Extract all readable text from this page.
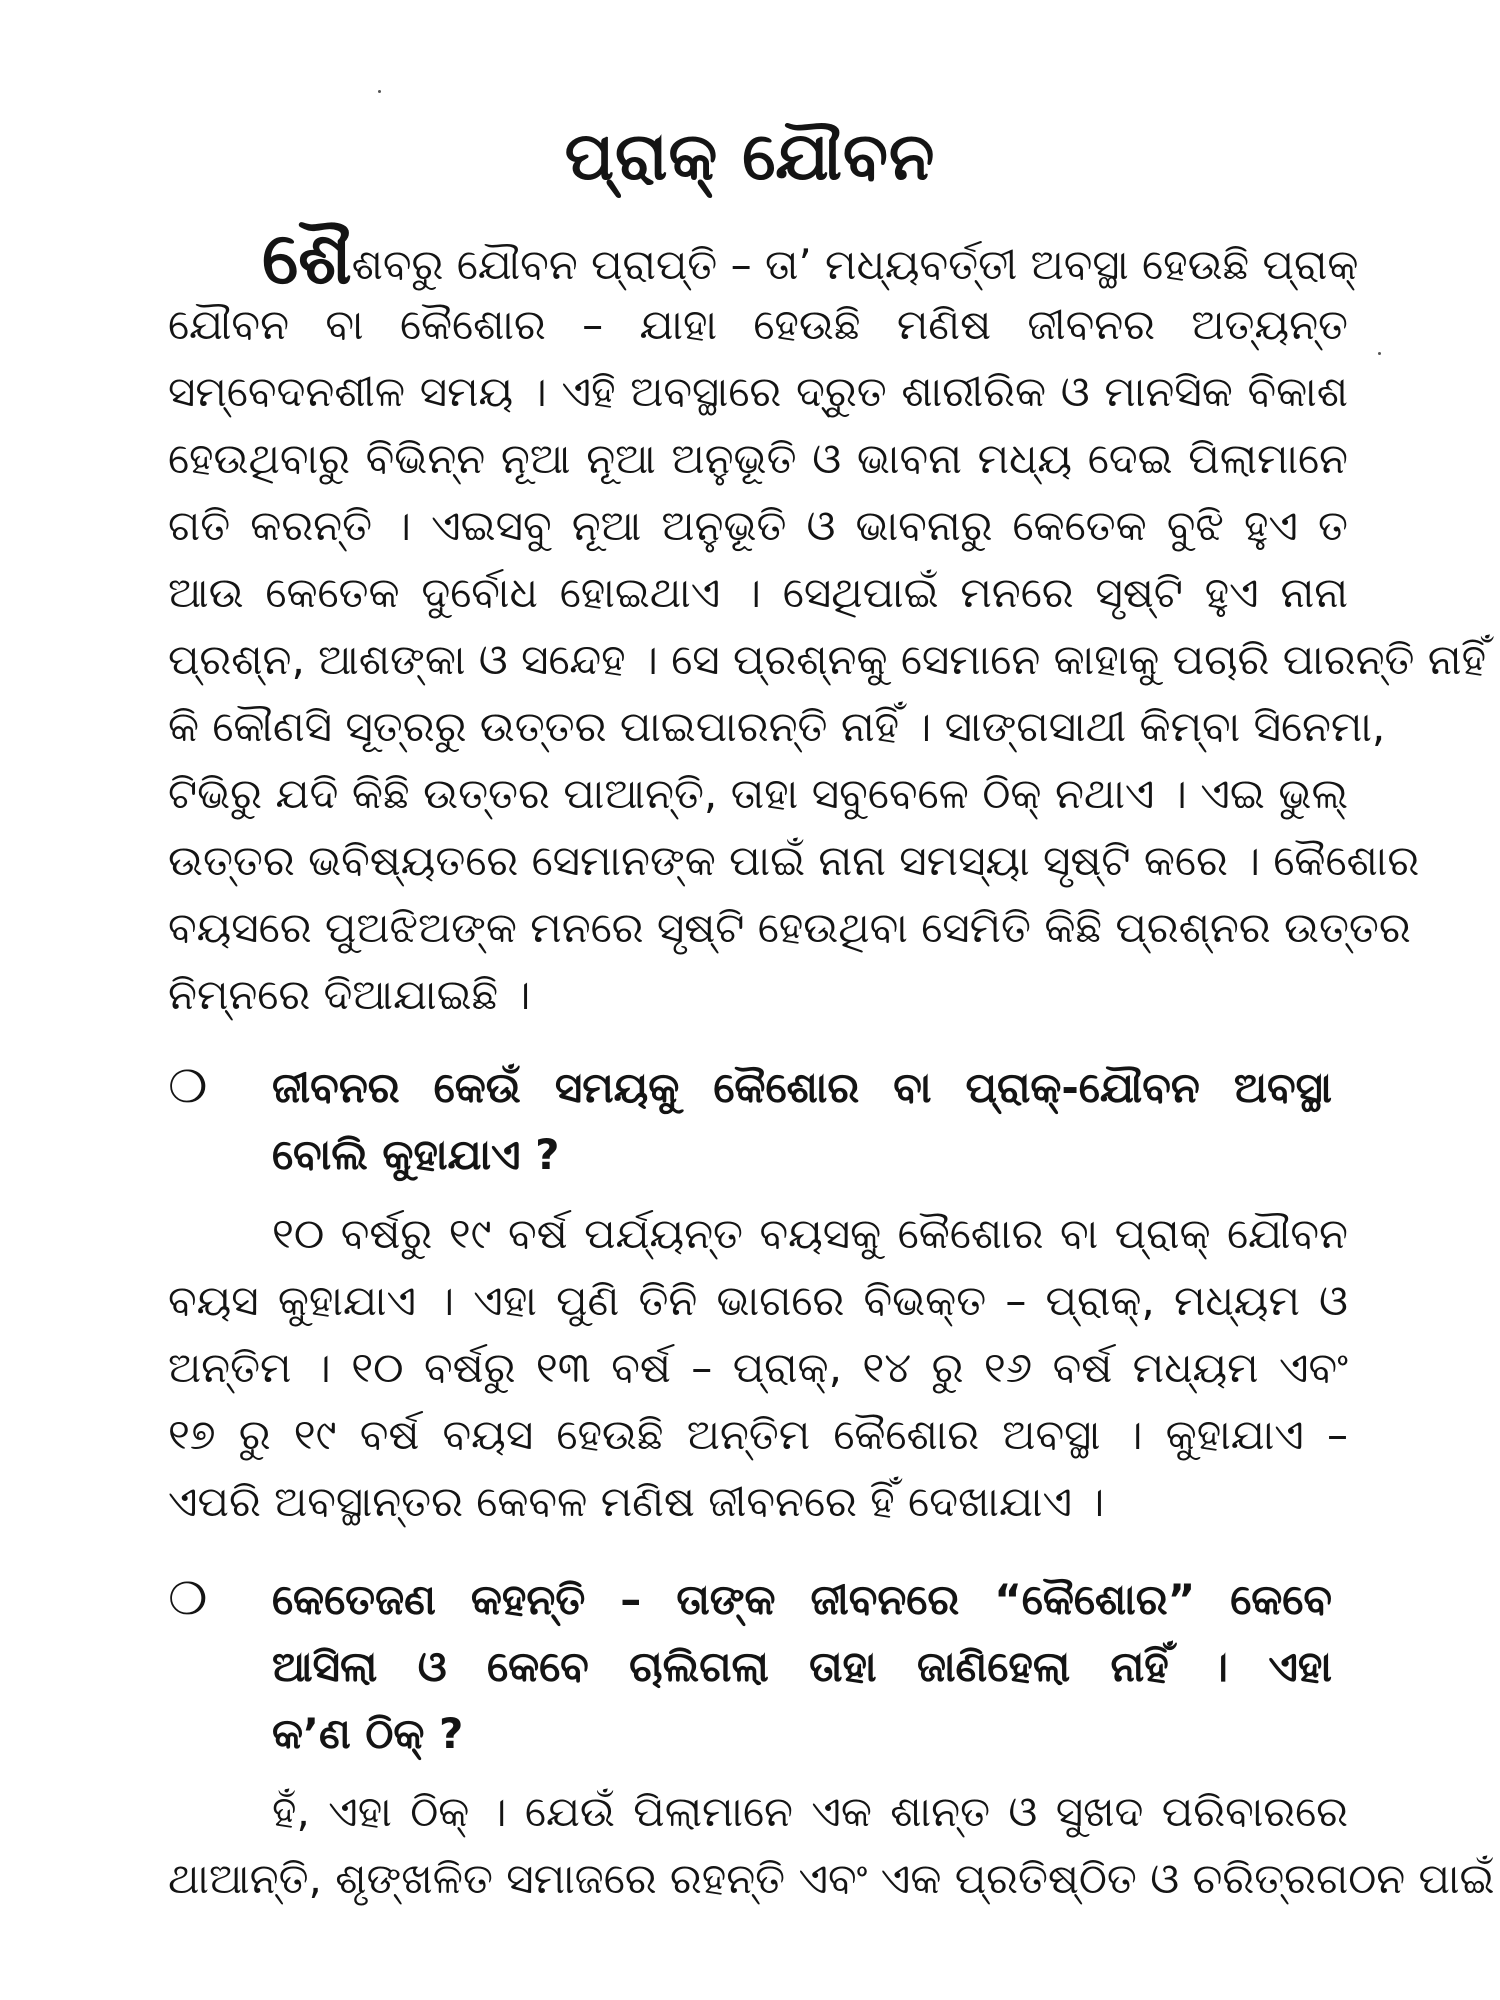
ପ୍ରାକ୍ ଯୌବନ
ଶୈଶବରୁ ଯୌବନ ପ୍ରାପ୍ତି – ତା’ ମଧ୍ୟବର୍ତ୍ତୀ ଅବସ୍ଥା ହେଉଛି ପ୍ରାକ୍
ଯୌବନ ବା କୈଶୋର – ଯାହା ହେଉଛି ମଣିଷ ଜୀବନର ଅତ୍ୟନ୍ତ
ସମ୍ବେଦନଶୀଳ ସମୟ । ଏହି ଅବସ୍ଥାରେ ଦ୍ରୁତ ଶାରୀରିକ ଓ ମାନସିକ ବିକାଶ
ହେଉଥିବାରୁ ବିଭିନ୍ନ ନୂଆ ନୂଆ ଅନୁଭୂତି ଓ ଭାବନା ମଧ୍ୟ ଦେଇ ପିଲାମାନେ
ଗତି କରନ୍ତି । ଏଇସବୁ ନୂଆ ଅନୁଭୂତି ଓ ଭାବନାରୁ କେତେକ ବୁଝି ହୁଏ ତ
ଆଉ କେତେକ ଦୁର୍ବୋଧ ହୋଇଥାଏ । ସେଥିପାଇଁ ମନରେ ସୃଷ୍ଟି ହୁଏ ନାନା
ପ୍ରଶ୍ନ, ଆଶଙ୍କା ଓ ସନ୍ଦେହ । ସେ ପ୍ରଶ୍ନକୁ ସେମାନେ କାହାକୁ ପଚାରି ପାରନ୍ତି ନାହିଁ
କି କୌଣସି ସୂତ୍ରରୁ ଉତ୍ତର ପାଇପାରନ୍ତି ନାହିଁ । ସାଙ୍ଗସାଥୀ କିମ୍ବା ସିନେମା,
ଟିଭିରୁ ଯଦି କିଛି ଉତ୍ତର ପାଆନ୍ତି, ତାହା ସବୁବେଳେ ଠିକ୍ ନଥାଏ । ଏଇ ଭୁଲ୍
ଉତ୍ତର ଭବିଷ୍ୟତରେ ସେମାନଙ୍କ ପାଇଁ ନାନା ସମସ୍ୟା ସୃଷ୍ଟି କରେ । କୈଶୋର
ବୟସରେ ପୁଅଝିଅଙ୍କ ମନରେ ସୃଷ୍ଟି ହେଉଥିବା ସେମିତି କିଛି ପ୍ରଶ୍ନର ଉତ୍ତର
ନିମ୍ନରେ ଦିଆଯାଇଛି ।
❍ ଜୀବନର କେଉଁ ସମୟକୁ କୈଶୋର ବା ପ୍ରାକ୍-ଯୌବନ ଅବସ୍ଥା
ବୋଲି କୁହାଯାଏ ?
୧୦ ବର୍ଷରୁ ୧୯ ବର୍ଷ ପର୍ଯ୍ୟନ୍ତ ବୟସକୁ କୈଶୋର ବା ପ୍ରାକ୍ ଯୌବନ
ବୟସ କୁହାଯାଏ । ଏହା ପୁଣି ତିନି ଭାଗରେ ବିଭକ୍ତ – ପ୍ରାକ୍, ମଧ୍ୟମ ଓ
ଅନ୍ତିମ । ୧୦ ବର୍ଷରୁ ୧୩ ବର୍ଷ – ପ୍ରାକ୍, ୧୪ ରୁ ୧୬ ବର୍ଷ ମଧ୍ୟମ ଏବଂ
୧୭ ରୁ ୧୯ ବର୍ଷ ବୟସ ହେଉଛି ଅନ୍ତିମ କୈଶୋର ଅବସ୍ଥା । କୁହାଯାଏ –
ଏପରି ଅବସ୍ଥାନ୍ତର କେବଳ ମଣିଷ ଜୀବନରେ ହିଁ ଦେଖାଯାଏ ।
❍ କେତେଜଣ କହନ୍ତି – ତାଙ୍କ ଜୀବନରେ “କୈଶୋର” କେବେ
ଆସିଲା ଓ କେବେ ଚାଲିଗଲା ତାହା ଜାଣିହେଲା ନାହିଁ । ଏହା
କ’ଣ ଠିକ୍ ?
ହଁ, ଏହା ଠିକ୍ । ଯେଉଁ ପିଲାମାନେ ଏକ ଶାନ୍ତ ଓ ସୁଖଦ ପରିବାରରେ
ଥାଆନ୍ତି, ଶୃଙ୍ଖଳିତ ସମାଜରେ ରହନ୍ତି ଏବଂ ଏକ ପ୍ରତିଷ୍ଠିତ ଓ ଚରିତ୍ରଗଠନ ପାଇଁ
